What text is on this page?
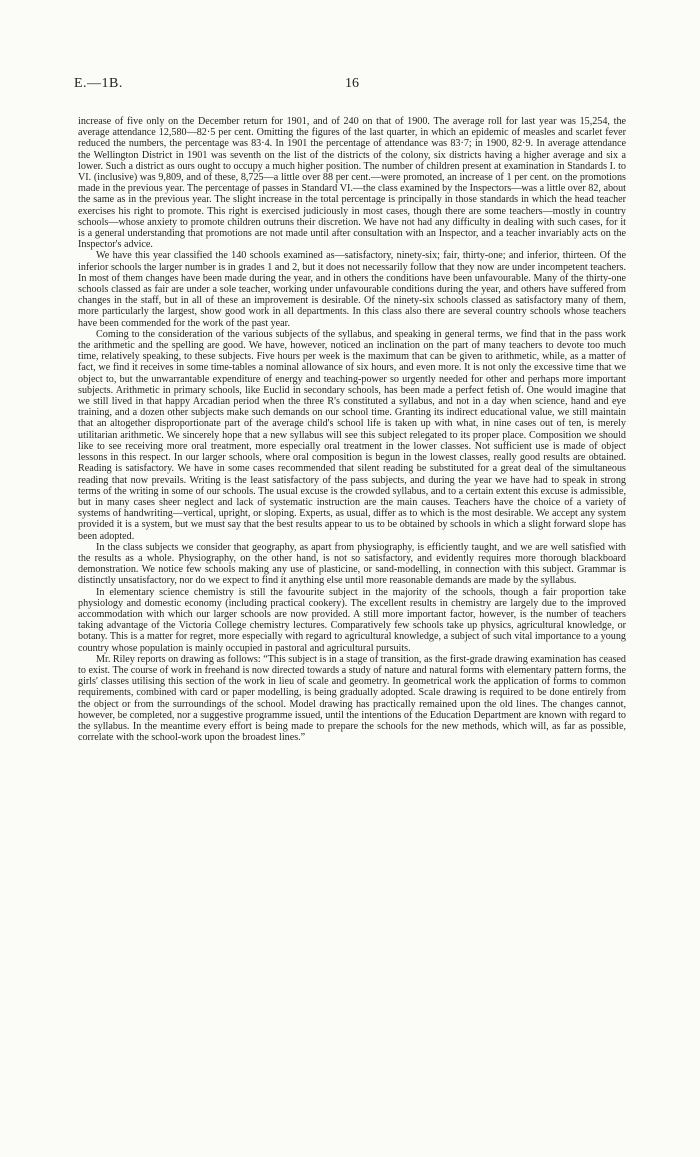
E.—1B.	16

increase of five only on the December return for 1901, and of 240 on that of 1900. The average roll for last year was 15,254, the average attendance 12,580—82·5 per cent. Omitting the figures of the last quarter, in which an epidemic of measles and scarlet fever reduced the numbers, the percentage was 83·4. In 1901 the percentage of attendance was 83·7; in 1900, 82·9. In average attendance the Wellington District in 1901 was seventh on the list of the districts of the colony, six districts having a higher average and six a lower. Such a district as ours ought to occupy a much higher position. The number of children present at examination in Standards I. to VI. (inclusive) was 9,809, and of these, 8,725—a little over 88 per cent.—were promoted, an increase of 1 per cent. on the promotions made in the previous year. The percentage of passes in Standard VI.—the class examined by the Inspectors—was a little over 82, about the same as in the previous year. The slight increase in the total percentage is principally in those standards in which the head teacher exercises his right to promote. This right is exercised judiciously in most cases, though there are some teachers—mostly in country schools—whose anxiety to promote children outruns their discretion. We have not had any difficulty in dealing with such cases, for it is a general understanding that promotions are not made until after consultation with an Inspector, and a teacher invariably acts on the Inspector's advice.

We have this year classified the 140 schools examined as—satisfactory, ninety-six; fair, thirty-one; and inferior, thirteen. Of the inferior schools the larger number is in grades 1 and 2, but it does not necessarily follow that they now are under incompetent teachers. In most of them changes have been made during the year, and in others the conditions have been unfavourable. Many of the thirty-one schools classed as fair are under a sole teacher, working under unfavourable conditions during the year, and others have suffered from changes in the staff, but in all of these an improvement is desirable. Of the ninety-six schools classed as satisfactory many of them, more particularly the largest, show good work in all departments. In this class also there are several country schools whose teachers have been commended for the work of the past year.

Coming to the consideration of the various subjects of the syllabus, and speaking in general terms, we find that in the pass work the arithmetic and the spelling are good. We have, however, noticed an inclination on the part of many teachers to devote too much time, relatively speaking, to these subjects. Five hours per week is the maximum that can be given to arithmetic, while, as a matter of fact, we find it receives in some time-tables a nominal allowance of six hours, and even more. It is not only the excessive time that we object to, but the unwarrantable expenditure of energy and teaching-power so urgently needed for other and perhaps more important subjects. Arithmetic in primary schools, like Euclid in secondary schools, has been made a perfect fetish of. One would imagine that we still lived in that happy Arcadian period when the three R's constituted a syllabus, and not in a day when science, hand and eye training, and a dozen other subjects make such demands on our school time. Granting its indirect educational value, we still maintain that an altogether disproportionate part of the average child's school life is taken up with what, in nine cases out of ten, is merely utilitarian arithmetic. We sincerely hope that a new syllabus will see this subject relegated to its proper place. Composition we should like to see receiving more oral treatment, more especially oral treatment in the lower classes. Not sufficient use is made of object lessons in this respect. In our larger schools, where oral composition is begun in the lowest classes, really good results are obtained. Reading is satisfactory. We have in some cases recommended that silent reading be substituted for a great deal of the simultaneous reading that now prevails. Writing is the least satisfactory of the pass subjects, and during the year we have had to speak in strong terms of the writing in some of our schools. The usual excuse is the crowded syllabus, and to a certain extent this excuse is admissible, but in many cases sheer neglect and lack of systematic instruction are the main causes. Teachers have the choice of a variety of systems of handwriting—vertical, upright, or sloping. Experts, as usual, differ as to which is the most desirable. We accept any system provided it is a system, but we must say that the best results appear to us to be obtained by schools in which a slight forward slope has been adopted.

In the class subjects we consider that geography, as apart from physiography, is efficiently taught, and we are well satisfied with the results as a whole. Physiography, on the other hand, is not so satisfactory, and evidently requires more thorough blackboard demonstration. We notice few schools making any use of plasticine, or sand-modelling, in connection with this subject. Grammar is distinctly unsatisfactory, nor do we expect to find it anything else until more reasonable demands are made by the syllabus.

In elementary science chemistry is still the favourite subject in the majority of the schools, though a fair proportion take physiology and domestic economy (including practical cookery). The excellent results in chemistry are largely due to the improved accommodation with which our larger schools are now provided. A still more important factor, however, is the number of teachers taking advantage of the Victoria College chemistry lectures. Comparatively few schools take up physics, agricultural knowledge, or botany. This is a matter for regret, more especially with regard to agricultural knowledge, a subject of such vital importance to a young country whose population is mainly occupied in pastoral and agricultural pursuits.

Mr. Riley reports on drawing as follows: “This subject is in a stage of transition, as the first-grade drawing examination has ceased to exist. The course of work in freehand is now directed towards a study of nature and natural forms with elementary pattern forms, the girls' classes utilising this section of the work in lieu of scale and geometry. In geometrical work the application of forms to common requirements, combined with card or paper modelling, is being gradually adopted. Scale drawing is required to be done entirely from the object or from the surroundings of the school. Model drawing has practically remained upon the old lines. The changes cannot, however, be completed, nor a suggestive programme issued, until the intentions of the Education Department are known with regard to the syllabus. In the meantime every effort is being made to prepare the schools for the new methods, which will, as far as possible, correlate with the school-work upon the broadest lines.”
